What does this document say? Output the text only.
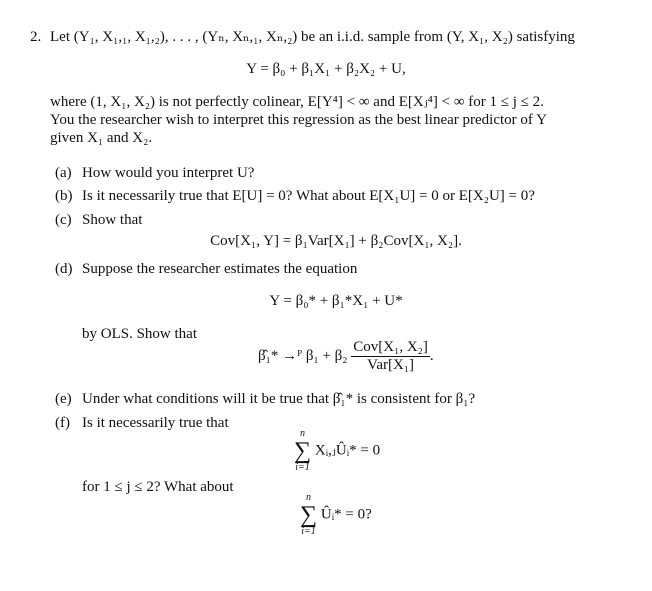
2. Let (Y₁, X₁,₁, X₁,₂), . . . , (Yₙ, Xₙ,₁, Xₙ,₂) be an i.i.d. sample from (Y, X₁, X₂) satisfying
Y = β₀ + β₁X₁ + β₂X₂ + U,
where (1, X₁, X₂) is not perfectly colinear, E[Y⁴] < ∞ and E[Xⱼ⁴] < ∞ for 1 ≤ j ≤ 2.
You the researcher wish to interpret this regression as the best linear predictor of Y
given X₁ and X₂.
(a) How would you interpret U?
(b) Is it necessarily true that E[U] = 0? What about E[X₁U] = 0 or E[X₂U] = 0?
(c) Show that
Cov[X₁, Y] = β₁Var[X₁] + β₂Cov[X₁, X₂].
(d) Suppose the researcher estimates the equation
Y = β₀* + β₁*X₁ + U*
by OLS. Show that
β̂₁* →ᴾ $\beta_1 + \beta_2 \frac{\text{Cov[X₁, X₂]}}{\text{Var[X₁]}}$ .
(e) Under what conditions will it be true that β̂₁* is consistent for β₁?
(f) Is it necessarily true that
n
∑
i=1
Xᵢ,ⱼÛᵢ* = 0
for 1 ≤ j ≤ 2? What about
n
∑
i=1
Ûᵢ* = 0?
